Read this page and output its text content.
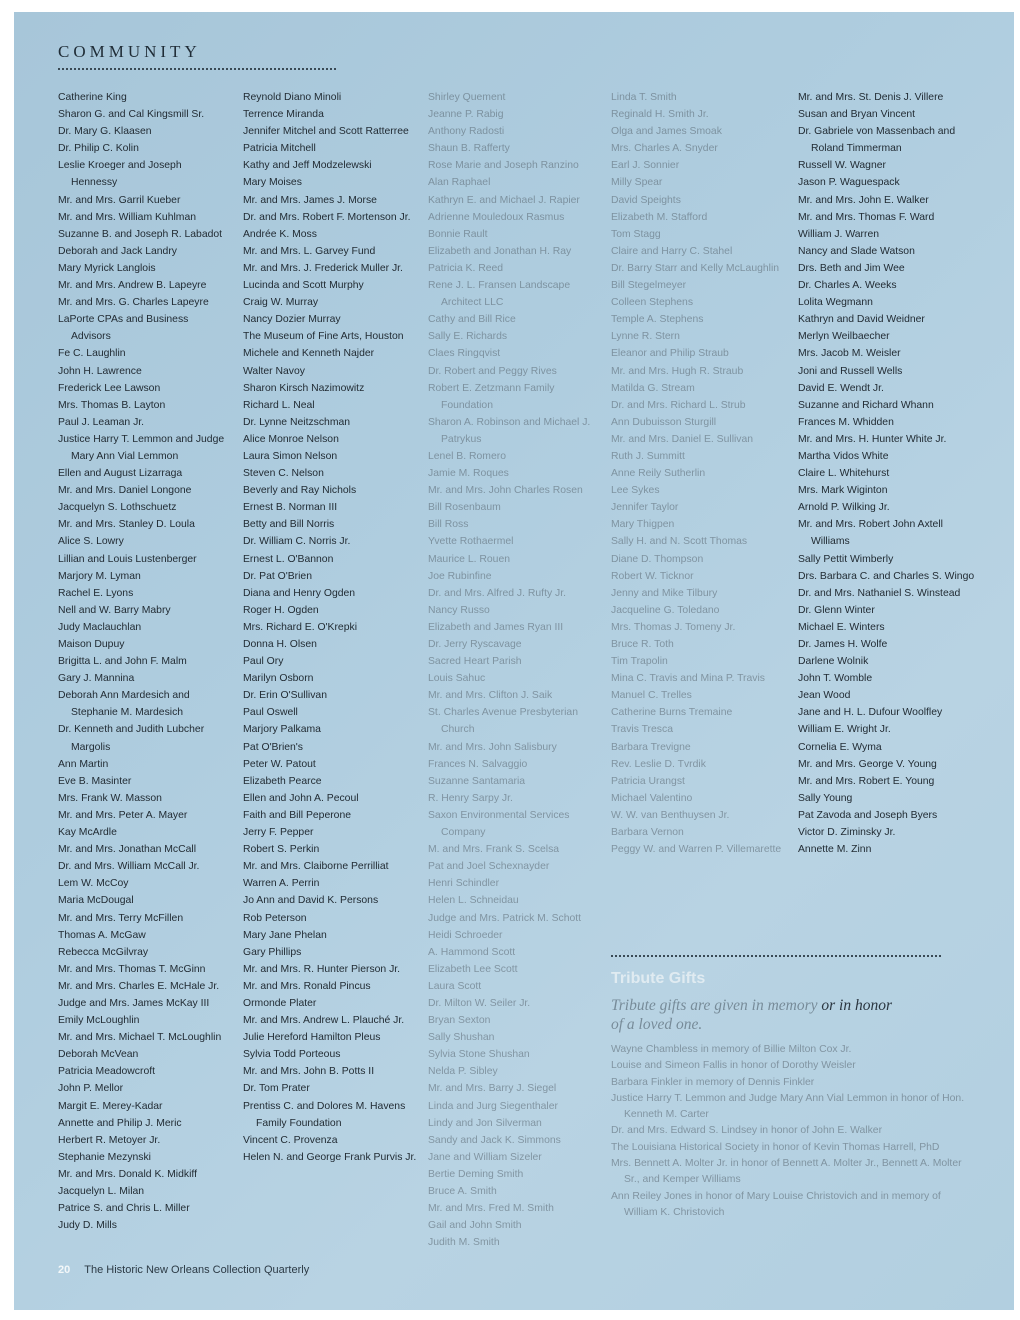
COMMUNITY
Catherine King
Sharon G. and Cal Kingsmill Sr.
Dr. Mary G. Klaasen
Dr. Philip C. Kolin
Leslie Kroeger and Joseph Hennessy
Mr. and Mrs. Garril Kueber
Mr. and Mrs. William Kuhlman
Suzanne B. and Joseph R. Labadot
Deborah and Jack Landry
Mary Myrick Langlois
Mr. and Mrs. Andrew B. Lapeyre
Mr. and Mrs. G. Charles Lapeyre
LaPorte CPAs and Business Advisors
Fe C. Laughlin
John H. Lawrence
Frederick Lee Lawson
Mrs. Thomas B. Layton
Paul J. Leaman Jr.
Justice Harry T. Lemmon and Judge Mary Ann Vial Lemmon
Ellen and August Lizarraga
Mr. and Mrs. Daniel Longone
Jacquelyn S. Lothschuetz
Mr. and Mrs. Stanley D. Loula
Alice S. Lowry
Lillian and Louis Lustenberger
Marjory M. Lyman
Rachel E. Lyons
Nell and W. Barry Mabry
Judy Maclauchlan
Maison Dupuy
Brigitta L. and John F. Malm
Gary J. Mannina
Deborah Ann Mardesich and Stephanie M. Mardesich
Dr. Kenneth and Judith Lubcher Margolis
Ann Martin
Eve B. Masinter
Mrs. Frank W. Masson
Mr. and Mrs. Peter A. Mayer
Kay McArdle
Mr. and Mrs. Jonathan McCall
Dr. and Mrs. William McCall Jr.
Lem W. McCoy
Maria McDougal
Mr. and Mrs. Terry McFillen
Thomas A. McGaw
Rebecca McGilvray
Mr. and Mrs. Thomas T. McGinn
Mr. and Mrs. Charles E. McHale Jr.
Judge and Mrs. James McKay III
Emily McLoughlin
Mr. and Mrs. Michael T. McLoughlin
Deborah McVean
Patricia Meadowcroft
John P. Mellor
Margit E. Merey-Kadar
Annette and Philip J. Meric
Herbert R. Metoyer Jr.
Stephanie Mezynski
Mr. and Mrs. Donald K. Midkiff
Jacquelyn L. Milan
Patrice S. and Chris L. Miller
Judy D. Mills
Reynold Diano Minoli
Terrence Miranda
Jennifer Mitchel and Scott Ratterree
Patricia Mitchell
Kathy and Jeff Modzelewski
Mary Moises
Mr. and Mrs. James J. Morse
Dr. and Mrs. Robert F. Mortenson Jr.
Andrée K. Moss
Mr. and Mrs. L. Garvey Fund
Mr. and Mrs. J. Frederick Muller Jr.
Lucinda and Scott Murphy
Craig W. Murray
Nancy Dozier Murray
The Museum of Fine Arts, Houston
Michele and Kenneth Najder
Walter Navoy
Sharon Kirsch Nazimowitz
Richard L. Neal
Dr. Lynne Neitzschman
Alice Monroe Nelson
Laura Simon Nelson
Steven C. Nelson
Beverly and Ray Nichols
Ernest B. Norman III
Betty and Bill Norris
Dr. William C. Norris Jr.
Ernest L. O'Bannon
Dr. Pat O'Brien
Diana and Henry Ogden
Roger H. Ogden
Mrs. Richard E. O'Krepki
Donna H. Olsen
Paul Ory
Marilyn Osborn
Dr. Erin O'Sullivan
Paul Oswell
Marjory Palkama
Pat O'Brien's
Peter W. Patout
Elizabeth Pearce
Ellen and John A. Pecoul
Faith and Bill Peperone
Jerry F. Pepper
Robert S. Perkin
Mr. and Mrs. Claiborne Perrilliat
Warren A. Perrin
Jo Ann and David K. Persons
Rob Peterson
Mary Jane Phelan
Gary Phillips
Mr. and Mrs. R. Hunter Pierson Jr.
Mr. and Mrs. Ronald Pincus
Ormonde Plater
Mr. and Mrs. Andrew L. Plauché Jr.
Julie Hereford Hamilton Pleus
Sylvia Todd Porteous
Mr. and Mrs. John B. Potts II
Dr. Tom Prater
Prentiss C. and Dolores M. Havens Family Foundation
Vincent C. Provenza
Helen N. and George Frank Purvis Jr.
Shirley Quement
Jeanne P. Rabig
Anthony Radosti
Shaun B. Rafferty
Rose Marie and Joseph Ranzino
Alan Raphael
Kathryn E. and Michael J. Rapier
Adrienne Mouledoux Rasmus
Bonnie Rault
Elizabeth and Jonathan H. Ray
Patricia K. Reed
Rene J. L. Fransen Landscape Architect LLC
Cathy and Bill Rice
Sally E. Richards
Claes Ringqvist
Dr. Robert and Peggy Rives
Robert E. Zetzmann Family Foundation
Sharon A. Robinson and Michael J. Patrykus
Lenel B. Romero
Jamie M. Roques
Mr. and Mrs. John Charles Rosen
Bill Rosenbaum
Bill Ross
Yvette Rothaermel
Maurice L. Rouen
Joe Rubinfine
Dr. and Mrs. Alfred J. Rufty Jr.
Nancy Russo
Elizabeth and James Ryan III
Dr. Jerry Ryscavage
Sacred Heart Parish
Louis Sahuc
Mr. and Mrs. Clifton J. Saik
St. Charles Avenue Presbyterian Church
Mr. and Mrs. John Salisbury
Frances N. Salvaggio
Suzanne Santamaria
R. Henry Sarpy Jr.
Saxon Environmental Services Company
M. and Mrs. Frank S. Scelsa
Pat and Joel Schexnayder
Henri Schindler
Helen L. Schneidau
Judge and Mrs. Patrick M. Schott
Heidi Schroeder
A. Hammond Scott
Elizabeth Lee Scott
Laura Scott
Dr. Milton W. Seiler Jr.
Bryan Sexton
Sally Shushan
Sylvia Stone Shushan
Nelda P. Sibley
Mr. and Mrs. Barry J. Siegel
Linda and Jurg Siegenthaler
Lindy and Jon Silverman
Sandy and Jack K. Simmons
Jane and William Sizeler
Bertie Deming Smith
Bruce A. Smith
Mr. and Mrs. Fred M. Smith
Gail and John Smith
Judith M. Smith
Linda T. Smith
Reginald H. Smith Jr.
Olga and James Smoak
Mrs. Charles A. Snyder
Earl J. Sonnier
Milly Spear
David Speights
Elizabeth M. Stafford
Tom Stagg
Claire and Harry C. Stahel
Dr. Barry Starr and Kelly McLaughlin
Bill Stegelmeyer
Colleen Stephens
Temple A. Stephens
Lynne R. Stern
Eleanor and Philip Straub
Mr. and Mrs. Hugh R. Straub
Matilda G. Stream
Dr. and Mrs. Richard L. Strub
Ann Dubuisson Sturgill
Mr. and Mrs. Daniel E. Sullivan
Ruth J. Summitt
Anne Reily Sutherlin
Lee Sykes
Jennifer Taylor
Mary Thigpen
Sally H. and N. Scott Thomas
Diane D. Thompson
Robert W. Ticknor
Jenny and Mike Tilbury
Jacqueline G. Toledano
Mrs. Thomas J. Tomeny Jr.
Bruce R. Toth
Tim Trapolin
Mina C. Travis and Mina P. Travis
Manuel C. Trelles
Catherine Burns Tremaine
Travis Tresca
Barbara Trevigne
Rev. Leslie D. Tvrdik
Patricia Urangst
Michael Valentino
W. W. van Benthuysen Jr.
Barbara Vernon
Peggy W. and Warren P. Villemarette
Mr. and Mrs. St. Denis J. Villere
Susan and Bryan Vincent
Dr. Gabriele von Massenbach and Roland Timmerman
Russell W. Wagner
Jason P. Waguespack
Mr. and Mrs. John E. Walker
Mr. and Mrs. Thomas F. Ward
William J. Warren
Nancy and Slade Watson
Drs. Beth and Jim Wee
Dr. Charles A. Weeks
Lolita Wegmann
Kathryn and David Weidner
Merlyn Weilbaecher
Mrs. Jacob M. Weisler
Joni and Russell Wells
David E. Wendt Jr.
Suzanne and Richard Whann
Frances M. Whidden
Mr. and Mrs. H. Hunter White Jr.
Martha Vidos White
Claire L. Whitehurst
Mrs. Mark Wiginton
Arnold P. Wilking Jr.
Mr. and Mrs. Robert John Axtell Williams
Sally Pettit Wimberly
Drs. Barbara C. and Charles S. Wingo
Dr. and Mrs. Nathaniel S. Winstead
Dr. Glenn Winter
Michael E. Winters
Dr. James H. Wolfe
Darlene Wolnik
John T. Womble
Jean Wood
Jane and H. L. Dufour Woolfley
William E. Wright Jr.
Cornelia E. Wyma
Mr. and Mrs. George V. Young
Mr. and Mrs. Robert E. Young
Sally Young
Pat Zavoda and Joseph Byers
Victor D. Ziminsky Jr.
Annette M. Zinn
Tribute Gifts
Tribute gifts are given in memory or in honor
of a loved one.
Wayne Chambless in memory of Billie Milton Cox Jr.
Louise and Simeon Fallis in honor of Dorothy Weisler
Barbara Finkler in memory of Dennis Finkler
Justice Harry T. Lemmon and Judge Mary Ann Vial Lemmon in honor of Hon. Kenneth M. Carter
Dr. and Mrs. Edward S. Lindsey in honor of John E. Walker
The Louisiana Historical Society in honor of Kevin Thomas Harrell, PhD
Mrs. Bennett A. Molter Jr. in honor of Bennett A. Molter Jr., Bennett A. Molter Sr., and Kemper Williams
Ann Reiley Jones in honor of Mary Louise Christovich and in memory of William K. Christovich
20 The Historic New Orleans Collection Quarterly
